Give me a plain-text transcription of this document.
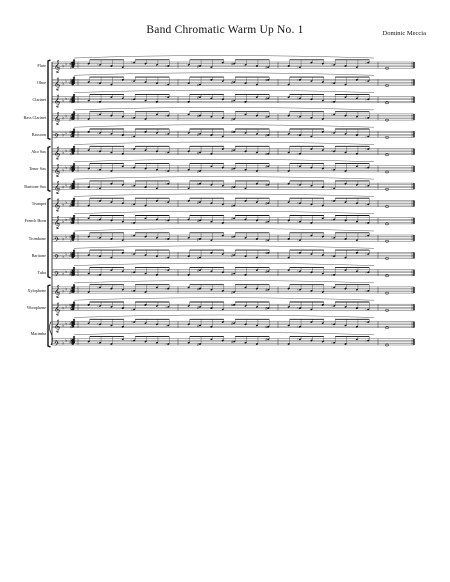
Band Chromatic Warm Up No. 1	Dominic Meccia
Flute
Oboe
Clarinet
Bass Clarinet
Bassoon
Alto Sax
Tenor Sax
Baritone Sax
Trumpet
French Horn
Trombone
Baritone
Tuba
Xylophone
Vibraphone
Marimba
𝄞 ♭ ♭ ♯
♯
♯	♮
♮
♮	♯
♯
♯	♮
♮
♮
𝄞 ♭ ♭ ♯
♯
♯	♮
♮
♮	♯
♯
♯	♮
♮
♮
𝄞 ♭ ♭ ♯
♯
♯	♮
♮
♮	♯
♯
♯	♮
♮
♮
𝄞 ♭ ♭
♯
♯
♯	♮
♮
♮	♯
♯
♯	♮
♮
♮
𝄢 ♭ ♭ ♯
♯
♯	♮
♮
♮	♯
♯
♯	♮
♮
♮
𝄞 ♭ ♭ ♯
♯
♯	♮
♮
♮	♯
♯
♯	♮
♮
♮
𝄞 ♭ ♭ ♯
♯
♯	♮
♮
♮	♯
♯
♯	♮
♮
♮
𝄞 ♭ ♭ ♯
♯
♯	♮
♮
♮	♯
♯
♯	♮
♮
♮
𝄞 ♭ ♭
♯
♯
♯	♮
♮
♮	♯
♯
♯	♮
♮
♮
𝄞 ♭ ♭ ♯
♯
♯	♮
♮
♮	♯
♯
♯	♮
♮
♮
𝄢 ♭ ♭ ♯
♯
♯	♮
♮
♮	♯
♯
♯	♮
♮
♮
𝄢 ♭ ♭ ♯
♯
♯	♮
♮
♮	♯
♯
♯	♮
♮
♮
𝄢 ♭ ♭ ♯
♯
♯	♮
♮
♮	♯
♯
♯	♮
♮
♮
𝄞 ♭ ♭
♯
♯
♯	♮
♮
♮	♯
♯
♯	♮
♮
♮
𝄞 ♭ ♭ ♯
♯
♯	♮
♮
♮	♯
♯
♯	♮
♮
♮
𝄞 ♭ ♭ ♯
♯
♯	♮
♮
♮	♯
♯
♯	♮
♮
♮
𝄢 ♭ ♭ ♯
♯
♯	♮
♮
♮	♯
♯
♯	♮
♮
♮
